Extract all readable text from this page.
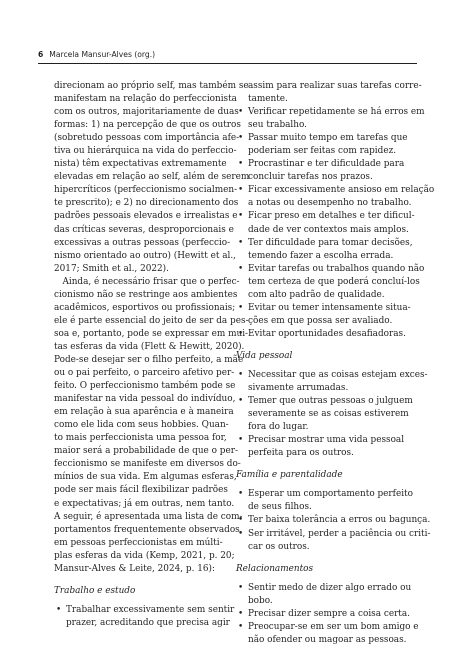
6 Marcela Mansur-Alves (org.)

direcionam ao próprio self, mas também se
manifestam na relação do perfeccionista
com os outros, majoritariamente de duas
formas: 1) na percepção de que os outros
(sobretudo pessoas com importância afe-
tiva ou hierárquica na vida do perfeccio-
nista) têm expectativas extremamente
elevadas em relação ao self, além de serem
hipercríticos (perfeccionismo socialmen-
te prescrito); e 2) no direcionamento dos
padrões pessoais elevados e irrealistas e
das críticas severas, desproporcionais e
excessivas a outras pessoas (perfeccio-
nismo orientado ao outro) (Hewitt et al.,
2017; Smith et al., 2022).

Ainda, é necessário frisar que o perfec-
cionismo não se restringe aos ambientes
acadêmicos, esportivos ou profissionais;
ele é parte essencial do jeito de ser da pes-
soa e, portanto, pode se expressar em mui-
tas esferas da vida (Flett & Hewitt, 2020).
Pode-se desejar ser o filho perfeito, a mãe
ou o pai perfeito, o parceiro afetivo per-
feito. O perfeccionismo também pode se
manifestar na vida pessoal do indivíduo,
em relação à sua aparência e à maneira
como ele lida com seus hobbies. Quan-
to mais perfeccionista uma pessoa for,
maior será a probabilidade de que o per-
feccionismo se manifeste em diversos do-
mínios de sua vida. Em algumas esferas,
pode ser mais fácil flexibilizar padrões
e expectativas; já em outras, nem tanto.
A seguir, é apresentada uma lista de com-
portamentos frequentemente observados
em pessoas perfeccionistas em múlti-
plas esferas da vida (Kemp, 2021, p. 20;
Mansur-Alves & Leite, 2024, p. 16):

Trabalho e estudo
• Trabalhar excessivamente sem sentir
prazer, acreditando que precisa agir

assim para realizar suas tarefas corre-
tamente.

• Verificar repetidamente se há erros em
seu trabalho.
• Passar muito tempo em tarefas que
poderiam ser feitas com rapidez.
• Procrastinar e ter dificuldade para
concluir tarefas nos prazos.
• Ficar excessivamente ansioso em relação
a notas ou desempenho no trabalho.
• Ficar preso em detalhes e ter dificul-
dade de ver contextos mais amplos.
• Ter dificuldade para tomar decisões,
temendo fazer a escolha errada.
• Evitar tarefas ou trabalhos quando não
tem certeza de que poderá concluí-los
com alto padrão de qualidade.
• Evitar ou temer intensamente situa-
ções em que possa ser avaliado.
• Evitar oportunidades desafiadoras.
Vida pessoal
• Necessitar que as coisas estejam exces-
sivamente arrumadas.
• Temer que outras pessoas o julguem
severamente se as coisas estiverem
fora do lugar.
• Precisar mostrar uma vida pessoal
perfeita para os outros.
Família e parentalidade
• Esperar um comportamento perfeito
de seus filhos.
• Ter baixa tolerância a erros ou bagunça.
• Ser irritável, perder a paciência ou criti-
car os outros.
Relacionamentos
• Sentir medo de dizer algo errado ou
bobo.
• Precisar dizer sempre a coisa certa.
• Preocupar-se em ser um bom amigo e
não ofender ou magoar as pessoas.
